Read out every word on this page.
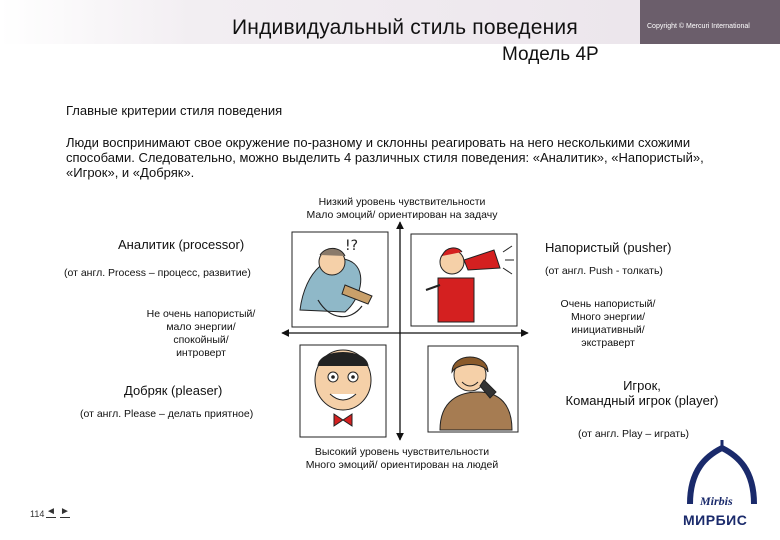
Индивидуальный стиль поведения
Модель 4P
Copyright © Mercuri International
Главные критерии стиля поведения
Люди воспринимают свое окружение по-разному и склонны реагировать на него несколькими схожими способами. Следовательно, можно выделить 4 различных стиля поведения: «Аналитик», «Напористый», «Игрок», и «Добряк».
Низкий уровень чувствительности
Мало эмоций/ ориентирован на задачу
Высокий уровень чувствительности
Много эмоций/ ориентирован на людей
Не очень напористый/
мало энергии/
спокойный/
интроверт
Очень напористый/
Много энергии/
инициативный/
экстраверт
Аналитик (processor)
(от англ. Process – процесс, развитие)
Напористый (pusher)
(от англ. Push - толкать)
Добряк (pleaser)
(от англ. Please – делать приятное)
Игрок,
Командный игрок (player)
(от англ. Play – играть)
!?
114 ◄ ►
Mirbis
МИРБИС
